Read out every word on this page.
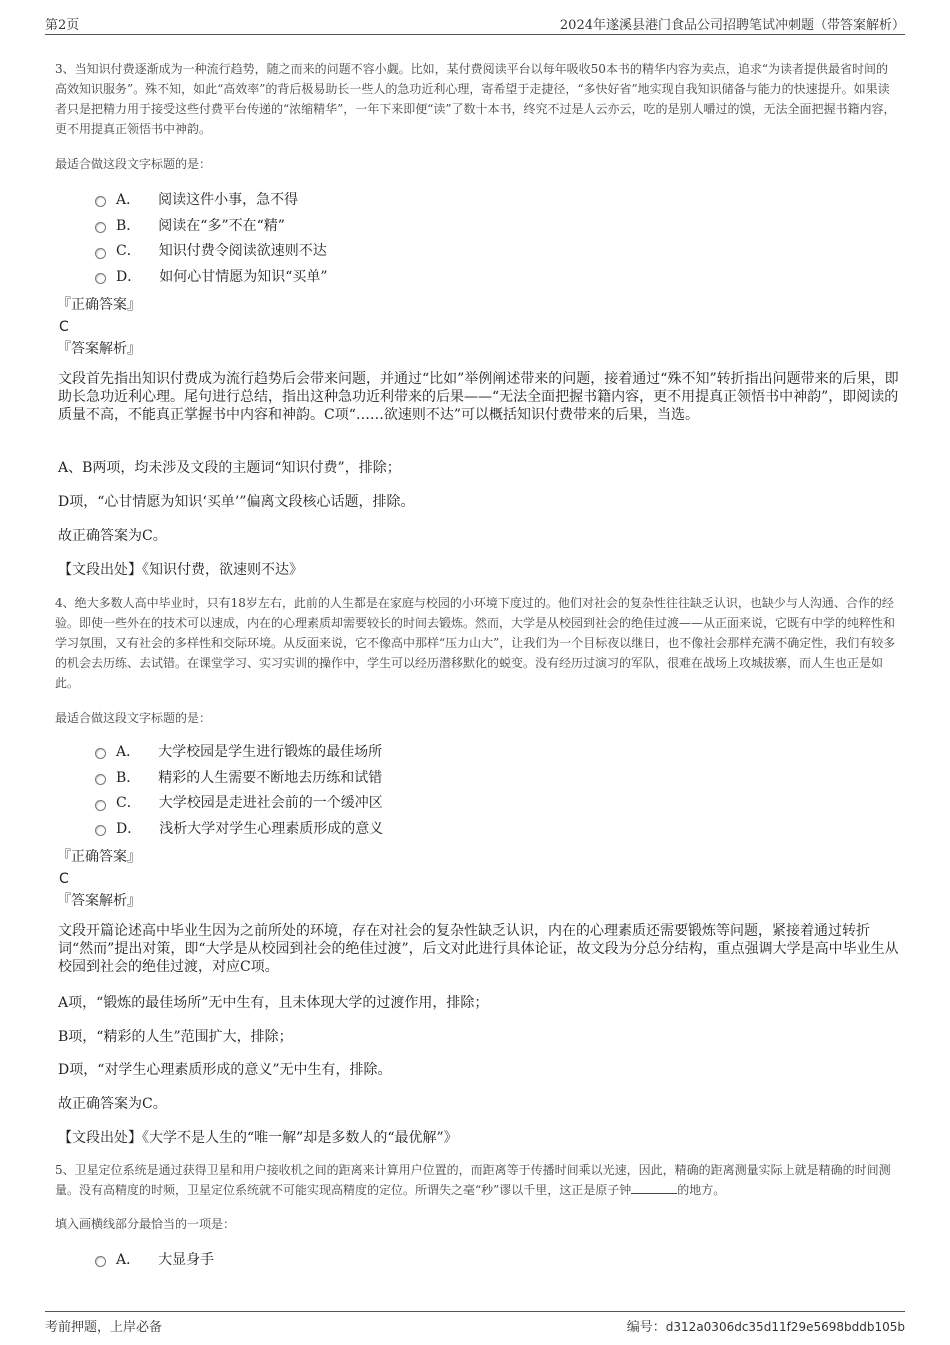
第2页	2024年遂溪县港门食品公司招聘笔试冲刺题（带答案解析）
3、当知识付费逐渐成为一种流行趋势，随之而来的问题不容小觑。比如，某付费阅读平台以每年吸收50本书的精华内容为卖点，追求“为读者提供最省时间的高效知识服务”。殊不知，如此“高效率”的背后极易助长一些人的急功近利心理，寄希望于走捷径，“多快好省”地实现自我知识储备与能力的快速提升。如果读者只是把精力用于接受这些付费平台传递的“浓缩精华”，一年下来即便“读”了数十本书，终究不过是人云亦云，吃的是别人嚼过的馍，无法全面把握书籍内容，更不用提真正领悟书中神韵。
最适合做这段文字标题的是：
A． 阅读这件小事，急不得
B． 阅读在“多”不在“精”
C． 知识付费令阅读欲速则不达
D． 如何心甘情愿为知识“买单”
『正确答案』
C
『答案解析』
文段首先指出知识付费成为流行趋势后会带来问题，并通过“比如”举例阐述带来的问题，接着通过“殊不知”转折指出问题带来的后果，即助长急功近利心理。尾句进行总结，指出这种急功近利带来的后果——“无法全面把握书籍内容，更不用提真正领悟书中神韵”，即阅读的质量不高，不能真正掌握书中内容和神韵。C项“……欲速则不达”可以概括知识付费带来的后果，当选。
A、B两项，均未涉及文段的主题词“知识付费”，排除；
D项，“心甘情愿为知识‘买单’”偏离文段核心话题，排除。
故正确答案为C。
【文段出处】《知识付费，欲速则不达》
4、绝大多数人高中毕业时，只有18岁左右，此前的人生都是在家庭与校园的小环境下度过的。他们对社会的复杂性往往缺乏认识，也缺少与人沟通、合作的经验。即使一些外在的技术可以速成，内在的心理素质却需要较长的时间去锻炼。然而，大学是从校园到社会的绝佳过渡——从正面来说，它既有中学的纯粹性和学习氛围，又有社会的多样性和交际环境。从反面来说，它不像高中那样“压力山大”，让我们为一个目标夜以继日，也不像社会那样充满不确定性，我们有较多的机会去历练、去试错。在课堂学习、实习实训的操作中，学生可以经历潜移默化的蜕变。没有经历过演习的军队，很难在战场上攻城拔寨，而人生也正是如此。
最适合做这段文字标题的是：
A． 大学校园是学生进行锻炼的最佳场所
B． 精彩的人生需要不断地去历练和试错
C． 大学校园是走进社会前的一个缓冲区
D． 浅析大学对学生心理素质形成的意义
『正确答案』
C
『答案解析』
文段开篇论述高中毕业生因为之前所处的环境，存在对社会的复杂性缺乏认识，内在的心理素质还需要锻炼等问题，紧接着通过转折词“然而”提出对策，即“大学是从校园到社会的绝佳过渡”，后文对此进行具体论证，故文段为分总分结构，重点强调大学是高中毕业生从校园到社会的绝佳过渡，对应C项。
A项，“锻炼的最佳场所”无中生有，且未体现大学的过渡作用，排除；
B项，“精彩的人生”范围扩大，排除；
D项，“对学生心理素质形成的意义”无中生有，排除。
故正确答案为C。
【文段出处】《大学不是人生的“唯一解”却是多数人的“最优解”》
5、卫星定位系统是通过获得卫星和用户接收机之间的距离来计算用户位置的，而距离等于传播时间乘以光速，因此，精确的距离测量实际上就是精确的时间测量。没有高精度的时频，卫星定位系统就不可能实现高精度的定位。所谓失之毫“秒”谬以千里，这正是原子钟	的地方。
填入画横线部分最恰当的一项是：
A． 大显身手
考前押题，上岸必备	编号：d312a0306dc35d11f29e5698bddb105b
